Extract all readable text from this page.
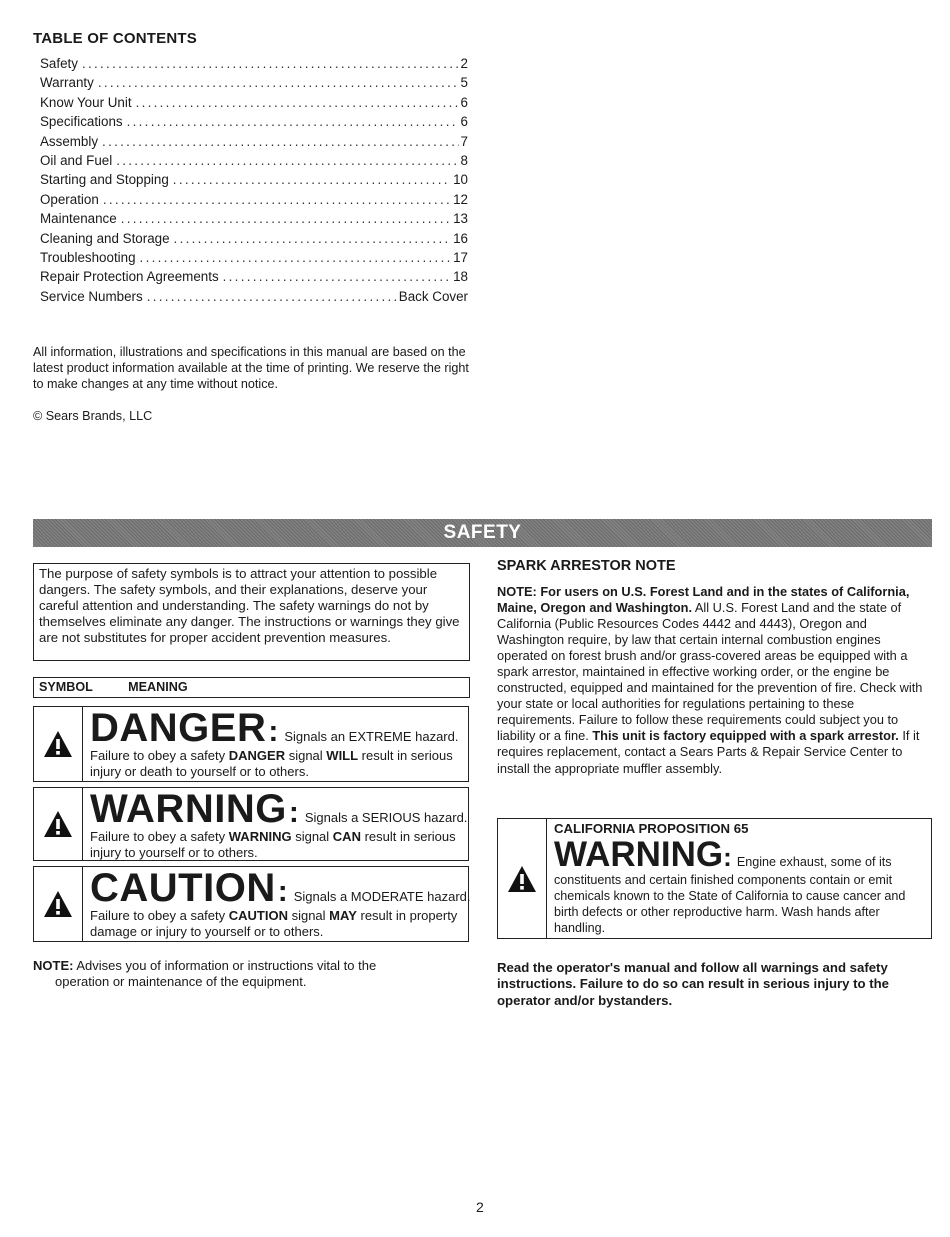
TABLE OF CONTENTS
Safety .....	2
Warranty .....	5
Know Your Unit .....	6
Specifications .....	6
Assembly .....	7
Oil and Fuel .....	8
Starting and Stopping .....	10
Operation .....	12
Maintenance .....	13
Cleaning and Storage .....	16
Troubleshooting .....	17
Repair Protection Agreements .....	18
Service Numbers .....	Back Cover
All information, illustrations and specifications in this manual are based on the latest product information available at the time of printing. We reserve the right to make changes at any time without notice.
© Sears Brands, LLC
SAFETY

The purpose of safety symbols is to attract your attention to possible dangers. The safety symbols, and their explanations, deserve your careful attention and understanding. The safety warnings do not by themselves eliminate any danger. The instructions or warnings they give are not substitutes for proper accident prevention measures.

SYMBOL	MEANING
DANGER : Signals an EXTREME hazard.
Failure to obey a safety DANGER signal WILL result in serious injury or death to yourself or to others.
WARNING : Signals a SERIOUS hazard.
Failure to obey a safety WARNING signal CAN result in serious injury to yourself or to others.
CAUTION : Signals a MODERATE hazard.
Failure to obey a safety CAUTION signal MAY result in property damage or injury to yourself or to others.
NOTE: Advises you of information or instructions vital to the
operation or maintenance of the equipment.
SPARK ARRESTOR NOTE
NOTE: For users on U.S. Forest Land and in the states of California, Maine, Oregon and Washington. All U.S. Forest Land and the state of California (Public Resources Codes 4442 and 4443), Oregon and Washington require, by law that certain internal combustion engines operated on forest brush and/or grass-covered areas be equipped with a spark arrestor, maintained in effective working order, or the engine be constructed, equipped and maintained for the prevention of fire. Check with your state or local authorities for regulations pertaining to these requirements. Failure to follow these requirements could subject you to liability or a fine. This unit is factory equipped with a spark arrestor. If it requires replacement, contact a Sears Parts & Repair Service Center to install the appropriate muffler assembly.
CALIFORNIA PROPOSITION 65
WARNING : Engine exhaust, some of its
constituents and certain finished components contain or emit chemicals known to the State of California to cause cancer and birth defects or other reproductive harm. Wash hands after handling.
Read the operator's manual and follow all warnings and safety instructions. Failure to do so can result in serious injury to the operator and/or bystanders.
2
